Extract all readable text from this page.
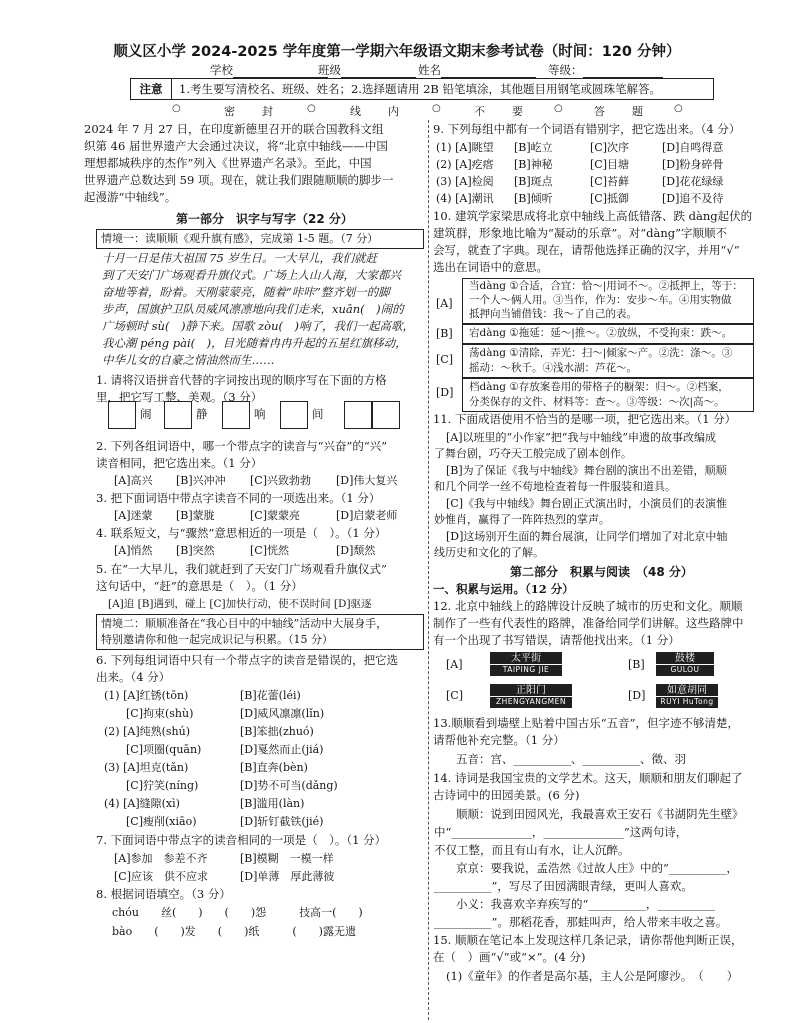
顺义区小学 2024-2025 学年度第一学期六年级语文期末参考试卷（时间：120 分钟）
学校	班级	姓名	等级：
注意	1.考生要写清校名、班级、姓名；2.选择题请用 2B 铅笔填涂，其他题目用钢笔或圆珠笔解答。
○	密 封	○	线 内	○	不 要	○	答 题	○
2024 年 7 月 27 日，在印度新德里召开的联合国教科文组
织第 46 届世界遗产大会通过决议，将“北京中轴线——中国
理想都城秩序的杰作”列入《世界遗产名录》。至此，中国
世界遗产总数达到 59 项。现在，就让我们跟随顺顺的脚步一
起漫游“中轴线”。
第一部分　识字与写字（22 分）
情境一：读顺顺《观升旗有感》，完成第 1-5 题。（7 分）
十月一日是伟大祖国 75 岁生日。一大早儿，我们就赶
到了天安门广场观看升旗仪式。广场上人山人海，大家都兴
奋地等着，盼着。天刚蒙蒙亮，随着“咔咔”整齐划一的脚
步声，国旗护卫队员威风凛凛地向我们走来，xuān(　)闹的
广场顿时 sù(　)静下来。国歌 zòu(　)响了，我们一起高歌，
我心潮 péng pài(　)，目光随着冉冉升起的五星红旗移动，
中华儿女的自豪之情油然而生……
1. 请将汉语拼音代替的字词按出现的顺序写在下面的方格
里，把它写工整、美观。（3 分）
闹	静	响	间
2. 下列各组词语中，哪一个带点字的读音与“兴奋”的“兴”
读音相同，把它选出来。（1 分）
[A]高兴 [B]兴冲冲 [C]兴致勃勃 [D]伟大复兴
3. 把下面词语中带点字读音不同的一项选出来。（1 分）
[A]迷蒙 [B]蒙胧	[C]蒙蒙亮	[D]启蒙老师
4. 联系短文，与“骤然”意思相近的一项是（　）。（1 分）
[A]悄然 [B]突然	[C]恍然	[D]颓然
5. 在“一大早儿，我们就赶到了天安门广场观看升旗仪式”
这句话中，“赶”的意思是（　）。（1 分）
[A]追 [B]遇到，碰上 [C]加快行动，使不误时间 [D]驱逐
情境二：顺顺准备在“我心目中的中轴线”活动中大展身手，
特别邀请你和他一起完成识记与积累。（15 分）
6. 下列每组词语中只有一个带点字的读音是错误的，把它选
出来。（4 分）
(1) [A]红锈(tōn)	[B]花蕾(léi)
[C]拘束(shù)	[D]威风凛凛(lǐn)
(2) [A]纯熟(shú)	[B]笨拙(zhuó)
[C]项圈(quān)	[D]戛然而止(jiá)
(3) [A]坦克(tǎn)	[B]直奔(bèn)
[C]狞笑(níng)	[D]势不可当(dǎng)
(4) [A]缝隙(xì)	[B]滥用(làn)
[C]瘦削(xiāo)	[D]斩钉截铁(jié)
7. 下面词语中带点字的读音相同的一项是（　）。（1 分）
[A]参加　参差不齐	[B]模糊　一模一样
[C]应该　供不应求	[D]单薄　厚此薄彼
8. 根据词语填空。（3 分）
chóu　　丝(　　)　　(　　)怨　　　技高一(　　)
bào　　(　　)发　　(　　)纸　　　(　　)露无遗
9. 下列每组中都有一个词语有错别字，把它选出来。（4 分）
(1) [A]眺望 [B]屹立	[C]次序	[D]自鸣得意
(2) [A]疙瘩 [B]神秘	[C]目塘	[D]粉身碎骨
(3) [A]检阅 [B]斑点	[C]苔藓	[D]花花绿绿
(4) [A]潮讯 [B]倾听	[C]抵御	[D]追不及待
10. 建筑学家梁思成将北京中轴线上高低错落、跌 dàng起伏的
建筑群，形象地比喻为“凝动的乐章”。对“dàng”字顺顺不
会写，就查了字典。现在，请帮他选择正确的汉字，并用“√”
选出在词语中的意思。
[A]
当dàng ①合适，合宜：恰～|用词不～。②抵押上，等于：
一个人～俩人用。③当作，作为：安步～车。④用实物做
抵押向当铺借钱：我～了自己的表。
[B] 宕dàng ①拖延：延～|推～。②放纵，不受拘束：跌～。
[C] 荡dàng ①清除，弄光：扫～|倾家～产。②洗：涤～。③
摇动：～秋千。④浅水湖：芦花～。
[D] 档dàng ①存放案卷用的带格子的橱架：归～。②档案，
分类保存的文件、材料等：查～。③等级：～次|高～。
11. 下面成语使用不恰当的是哪一项，把它选出来。（1 分）
[A]以班里的“小作家”把“我与中轴线”申遗的故事改编成
了舞台剧，巧夺天工般完成了剧本创作。
[B]为了保证《我与中轴线》舞台剧的演出不出差错，顺顺
和几个同学一丝不苟地检查着每一件服装和道具。
[C]《我与中轴线》舞台剧正式演出时，小演员们的表演惟
妙惟肖，赢得了一阵阵热烈的掌声。
[D]这场别开生面的舞台展演，让同学们增加了对北京中轴
线历史和文化的了解。
第二部分　积累与阅读　（48 分）
一、积累与运用。（12 分）
12. 北京中轴线上的路牌设计反映了城市的历史和文化。顺顺
制作了一些有代表性的路牌，准备给同学们讲解。这些路牌中
有一个出现了书写错误，请帮他找出来。（1 分）
[A]	太平街
TAIPING JIE	[B]	鼓楼
GULOU
[C]	正阳门
ZHENGYANGMEN	[D]	如意胡同
RUYI HuTong
13.顺顺看到墙壁上贴着中国古乐“五音”，但字迹不够清楚，
请帮他补充完整。（1 分）
五音：宫、__________、__________、徵、羽
14. 诗词是我国宝贵的文学艺术。这天，顺顺和朋友们聊起了
古诗词中的田园美景。(6 分)
顺顺：说到田园风光，我最喜欢王安石《书湖阴先生壁》
中“______________，______________”这两句诗，
不仅工整，而且有山有水，让人沉醉。
京京：要我说，孟浩然《过故人庄》中的“__________，
__________”，写尽了田园满眼青绿，更叫人喜欢。
小义：我喜欢辛弃疾写的“__________，__________
__________”。那稻花香，那蛙叫声，给人带来丰收之喜。
15. 顺顺在笔记本上发现这样几条记录，请你帮他判断正误，
在（　）画“√”或“×”。(4 分)
(1)《童年》的作者是高尔基，主人公是阿廖沙。　（　　）
